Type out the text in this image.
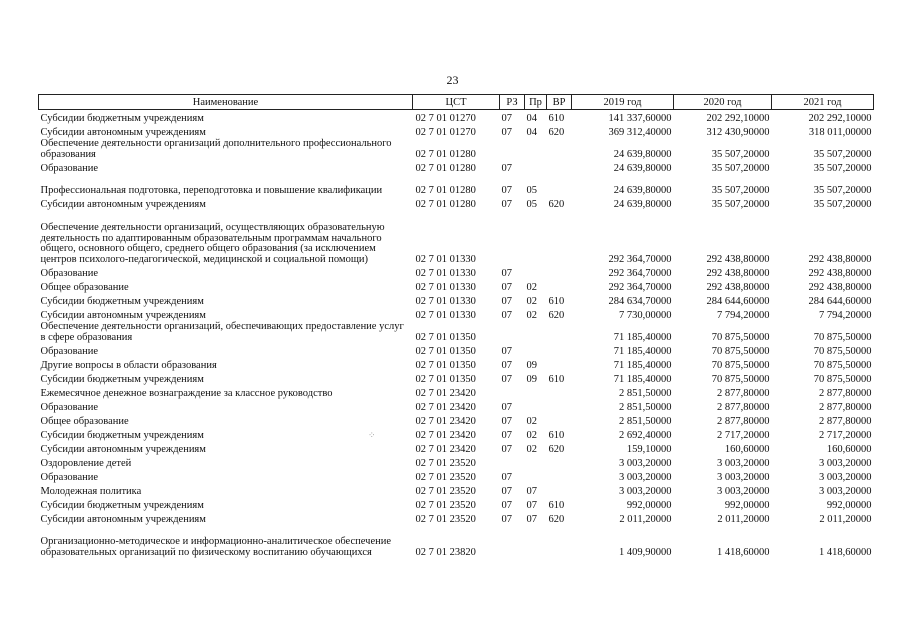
23
Наименование	ЦСТ	РЗ	Пр	ВР	2019 год	2020 год	2021 год
Субсидии бюджетным учреждениям	02 7 01 01270	07	04	610	141 337,60000	202 292,10000	202 292,10000
Субсидии автономным учреждениям	02 7 01 01270	07	04	620	369 312,40000	312 430,90000	318 011,00000
Обеспечение деятельности организаций дополнительного профессионального образования	02 7 01 01280				24 639,80000	35 507,20000	35 507,20000
Образование	02 7 01 01280	07			24 639,80000	35 507,20000	35 507,20000
Профессиональная подготовка, переподготовка и повышение квалификации	02 7 01 01280	07	05		24 639,80000	35 507,20000	35 507,20000
Субсидии автономным учреждениям	02 7 01 01280	07	05	620	24 639,80000	35 507,20000	35 507,20000
Обеспечение деятельности организаций, осуществляющих образовательную деятельность по адаптированным образовательным программам начального общего, основного общего, среднего общего образования (за исключением центров психолого-педагогической, медицинской и социальной помощи)	02 7 01 01330				292 364,70000	292 438,80000	292 438,80000
Образование	02 7 01 01330	07			292 364,70000	292 438,80000	292 438,80000
Общее образование	02 7 01 01330	07	02		292 364,70000	292 438,80000	292 438,80000
Субсидии бюджетным учреждениям	02 7 01 01330	07	02	610	284 634,70000	284 644,60000	284 644,60000
Субсидии автономным учреждениям	02 7 01 01330	07	02	620	7 730,00000	7 794,20000	7 794,20000
Обеспечение деятельности организаций, обеспечивающих предоставление услуг в сфере образования	02 7 01 01350				71 185,40000	70 875,50000	70 875,50000
Образование	02 7 01 01350	07			71 185,40000	70 875,50000	70 875,50000
Другие вопросы в области образования	02 7 01 01350	07	09		71 185,40000	70 875,50000	70 875,50000
Субсидии бюджетным учреждениям	02 7 01 01350	07	09	610	71 185,40000	70 875,50000	70 875,50000
Ежемесячное денежное вознаграждение за классное руководство	02 7 01 23420				2 851,50000	2 877,80000	2 877,80000
Образование	02 7 01 23420	07			2 851,50000	2 877,80000	2 877,80000
Общее образование	02 7 01 23420	07	02		2 851,50000	2 877,80000	2 877,80000
Субсидии бюджетным учреждениям	02 7 01 23420	07	02	610	2 692,40000	2 717,20000	2 717,20000
Субсидии автономным учреждениям	02 7 01 23420	07	02	620	159,10000	160,60000	160,60000
Оздоровление детей	02 7 01 23520				3 003,20000	3 003,20000	3 003,20000
Образование	02 7 01 23520	07			3 003,20000	3 003,20000	3 003,20000
Молодежная политика	02 7 01 23520	07	07		3 003,20000	3 003,20000	3 003,20000
Субсидии бюджетным учреждениям	02 7 01 23520	07	07	610	992,00000	992,00000	992,00000
Субсидии автономным учреждениям	02 7 01 23520	07	07	620	2 011,20000	2 011,20000	2 011,20000
Организационно-методическое и информационно-аналитическое обеспечение образовательных организаций по физическому воспитанию обучающихся	02 7 01 23820				1 409,90000	1 418,60000	1 418,60000
⁘
